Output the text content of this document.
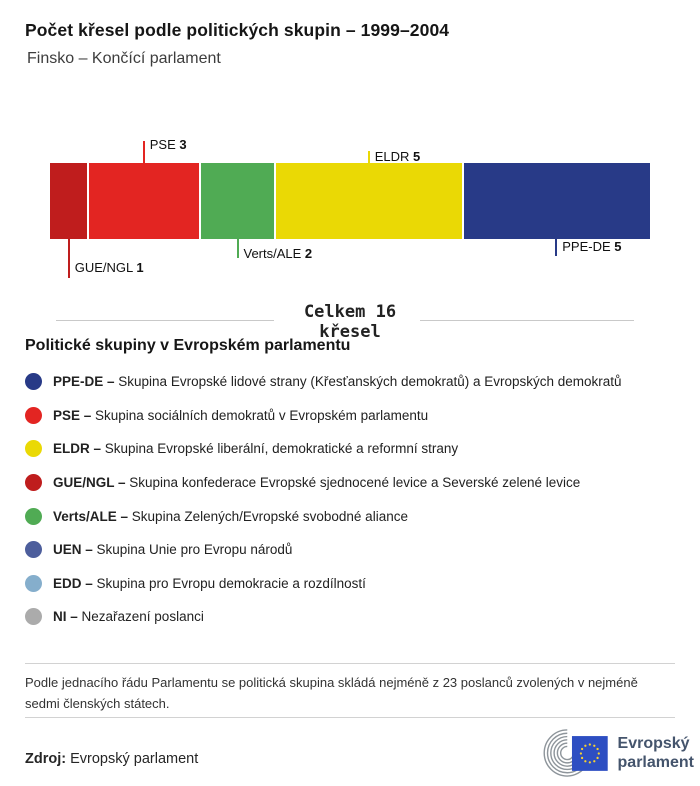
Počet křesel podle politických skupin – 1999–2004
Finsko – Končící parlament
GUE/NGL 1
PSE 3
Verts/ALE 2
ELDR 5
PPE-DE 5
Celkem 16
křesel
Politické skupiny v Evropském parlamentu
PPE-DE – Skupina Evropské lidové strany (Křesťanských demokratů) a Evropských demokratů
PSE – Skupina sociálních demokratů v Evropském parlamentu
ELDR – Skupina Evropské liberální, demokratické a reformní strany
GUE/NGL – Skupina konfederace Evropské sjednocené levice a Severské zelené levice
Verts/ALE – Skupina Zelených/Evropské svobodné aliance
UEN – Skupina Unie pro Evropu národů
EDD – Skupina pro Evropu demokracie a rozdílností
NI – Nezařazení poslanci
Podle jednacího řádu Parlamentu se politická skupina skládá nejméně z 23 poslanců zvolených v nejméně sedmi členských státech.
Zdroj: Evropský parlament
Evropský
parlament
